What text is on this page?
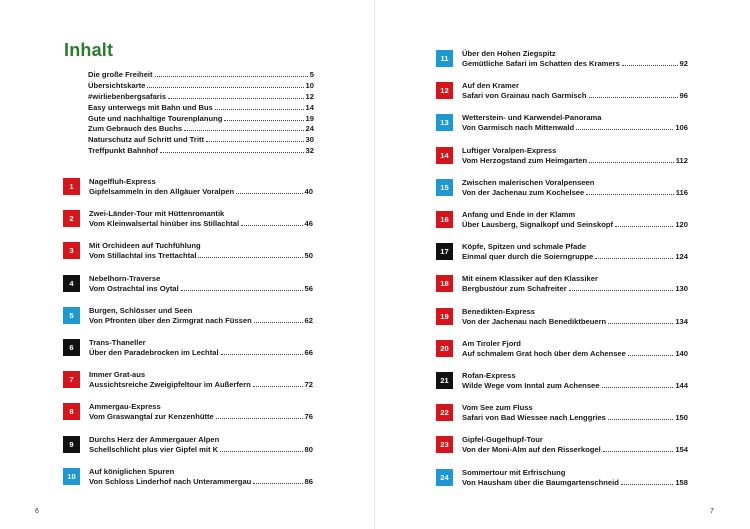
Inhalt
Die große Freiheit	5
Übersichtskarte	10
#wirliebenbergsafaris	12
Easy unterwegs mit Bahn und Bus	14
Gute und nachhaltige Tourenplanung	19
Zum Gebrauch des Buchs	24
Naturschutz auf Schritt und Tritt	30
Treffpunkt Bahnhof	32
1
Nagelfluh-Express
Gipfelsammeln in den Allgäuer Voralpen	40
2
Zwei-Länder-Tour mit Hüttenromantik
Vom Kleinwalsertal hinüber ins Stillachtal	46
3
Mit Orchideen auf Tuchfühlung
Vom Stillachtal ins Trettachtal	50
4
Nebelhorn-Traverse
Vom Ostrachtal ins Oytal	56
5
Burgen, Schlösser und Seen
Von Pfronten über den Zirmgrat nach Füssen	62
6
Trans-Thaneller
Über den Paradebrocken im Lechtal	66
7
Immer Grat-aus
Aussichtsreiche Zweigipfeltour im Außerfern	72
8
Ammergau-Express
Vom Graswangtal zur Kenzenhütte	76
9
Durchs Herz der Ammergauer Alpen
Schellschlicht plus vier Gipfel mit K	80
10
Auf königlichen Spuren
Von Schloss Linderhof nach Unterammergau	86
11
Über den Hohen Ziegspitz
Gemütliche Safari im Schatten des Kramers	92
12
Auf den Kramer
Safari von Grainau nach Garmisch	96
13
Wetterstein- und Karwendel-Panorama
Von Garmisch nach Mittenwald	106
14
Luftiger Voralpen-Express
Vom Herzogstand zum Heimgarten	112
15
Zwischen malerischen Voralpenseen
Von der Jachenau zum Kochelsee	116
16
Anfang und Ende in der Klamm
Über Lausberg, Signalkopf und Seinskopf	120
17
Köpfe, Spitzen und schmale Pfade
Einmal quer durch die Soierngruppe	124
18
Mit einem Klassiker auf den Klassiker
Bergbustour zum Schafreiter	130
19
Benedikten-Express
Von der Jachenau nach Benediktbeuern	134
20
Am Tiroler Fjord
Auf schmalem Grat hoch über dem Achensee	140
21
Rofan-Express
Wilde Wege vom Inntal zum Achensee	144
22
Vom See zum Fluss
Safari von Bad Wiessee nach Lenggries	150
23
Gipfel-Gugelhupf-Tour
Von der Moni-Alm auf den Risserkogel	154
24
Sommertour mit Erfrischung
Von Hausham über die Baumgartenschneid	158
6	7
